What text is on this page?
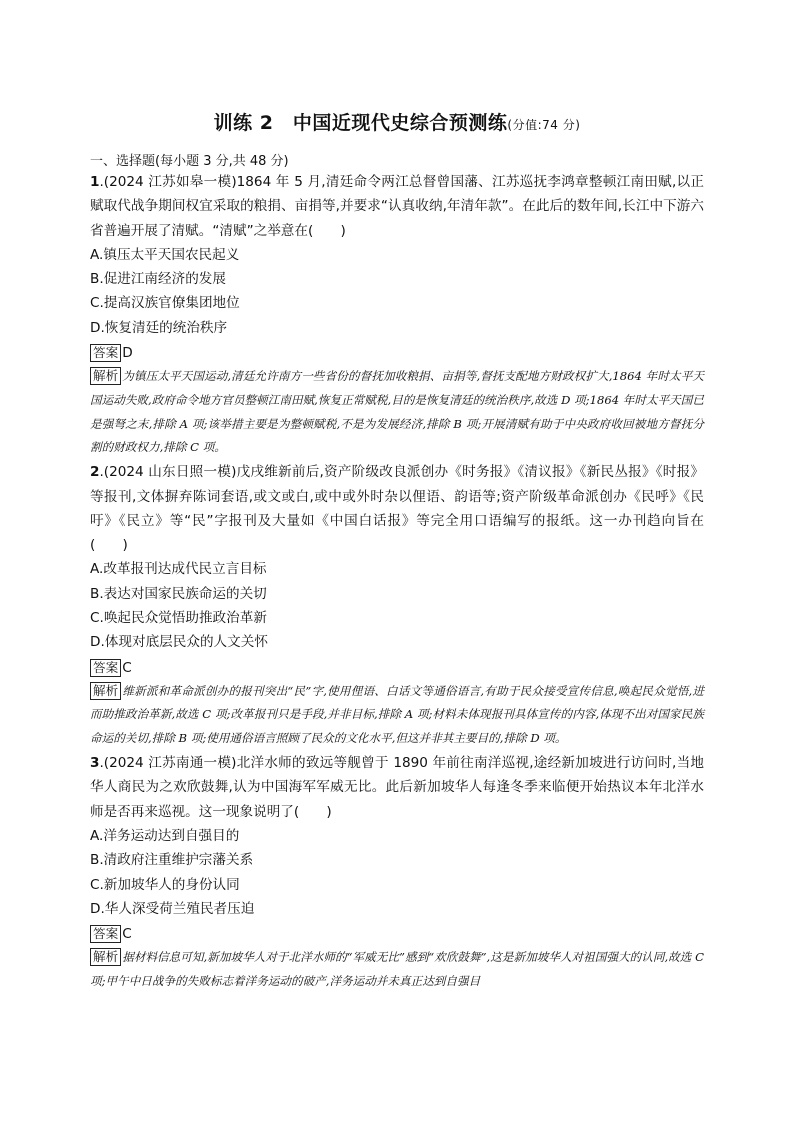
训练 2　中国近现代史综合预测练(分值:74 分)
一、选择题(每小题 3 分,共 48 分)
1.(2024 江苏如皋一模)1864 年 5 月,清廷命令两江总督曾国藩、江苏巡抚李鸿章整顿江南田赋,以正赋取代战争期间权宜采取的粮捐、亩捐等,并要求“认真收纳,年清年款”。在此后的数年间,长江中下游六省普遍开展了清赋。“清赋”之举意在(　　)
A.镇压太平天国农民起义
B.促进江南经济的发展
C.提高汉族官僚集团地位
D.恢复清廷的统治秩序
答案 D
解析 为镇压太平天国运动,清廷允许南方一些省份的督抚加收粮捐、亩捐等,督抚支配地方财政权扩大,1864 年时太平天国运动失败,政府命令地方官员整顿江南田赋,恢复正常赋税,目的是恢复清廷的统治秩序,故选 D 项;1864 年时太平天国已是强弩之末,排除 A 项;该举措主要是为整顿赋税,不是为发展经济,排除 B 项;开展清赋有助于中央政府收回被地方督抚分割的财政权力,排除 C 项。
2.(2024 山东日照一模)戊戌维新前后,资产阶级改良派创办《时务报》《清议报》《新民丛报》《时报》等报刊,文体摒弃陈词套语,或文或白,或中或外时杂以俚语、韵语等;资产阶级革命派创办《民呼》《民吁》《民立》等“民”字报刊及大量如《中国白话报》等完全用口语编写的报纸。这一办刊趋向旨在(　　)
A.改革报刊达成代民立言目标
B.表达对国家民族命运的关切
C.唤起民众觉悟助推政治革新
D.体现对底层民众的人文关怀
答案 C
解析 维新派和革命派创办的报刊突出“民”字,使用俚语、白话文等通俗语言,有助于民众接受宣传信息,唤起民众觉悟,进而助推政治革新,故选 C 项;改革报刊只是手段,并非目标,排除 A 项;材料未体现报刊具体宣传的内容,体现不出对国家民族命运的关切,排除 B 项;使用通俗语言照顾了民众的文化水平,但这并非其主要目的,排除 D 项。
3.(2024 江苏南通一模)北洋水师的致远等舰曾于 1890 年前往南洋巡视,途经新加坡进行访问时,当地华人商民为之欢欣鼓舞,认为中国海军军威无比。此后新加坡华人每逢冬季来临便开始热议本年北洋水师是否再来巡视。这一现象说明了(　　)
A.洋务运动达到自强目的
B.清政府注重维护宗藩关系
C.新加坡华人的身份认同
D.华人深受荷兰殖民者压迫
答案 C
解析 据材料信息可知,新加坡华人对于北洋水师的“军威无比”感到“欢欣鼓舞”,这是新加坡华人对祖国强大的认同,故选 C 项;甲午中日战争的失败标志着洋务运动的破产,洋务运动并未真正达到自强目
